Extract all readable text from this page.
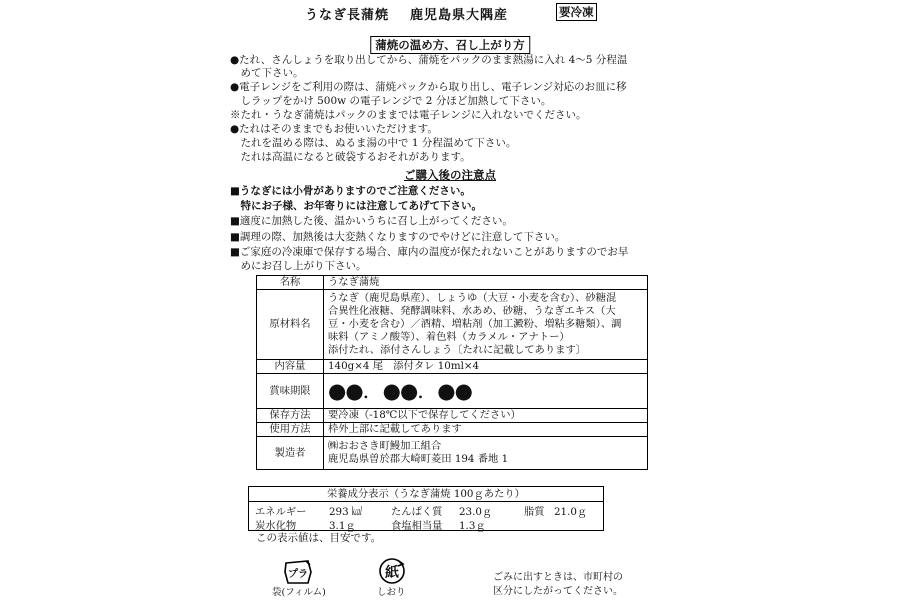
うなぎ長蒲焼 鹿児島県大隅産	要冷凍
蒲焼の温め方、召し上がり方
●たれ、さんしょうを取り出してから、蒲焼をパックのまま熱湯に入れ 4～5 分程温
　めて下さい。
●電子レンジをご利用の際は、蒲焼パックから取り出し、電子レンジ対応のお皿に移
　しラップをかけ 500w の電子レンジで 2 分ほど加熱して下さい。
※たれ・うなぎ蒲焼はパックのままでは電子レンジに入れないでください。
●たれはそのままでもお使いいただけます。
　たれを温める際は、ぬるま湯の中で 1 分程温めて下さい。
　たれは高温になると破袋するおそれがあります。
ご購入後の注意点
■うなぎには小骨がありますのでご注意ください。
　特にお子様、お年寄りには注意してあげて下さい。
■適度に加熱した後、温かいうちに召し上がってください。
■調理の際、加熱後は大変熱くなりますのでやけどに注意して下さい。
■ご家庭の冷凍庫で保存する場合、庫内の温度が保たれないことがありますのでお早
　めにお召し上がり下さい。
名称	うなぎ蒲焼
原材料名	うなぎ（鹿児島県産）、しょうゆ（大豆・小麦を含む）、砂糖混
合異性化液糖、発酵調味料、水あめ、砂糖、うなぎエキス（大
豆・小麦を含む）／酒精、増粘剤（加工澱粉、増粘多糖類）、調
味料（アミノ酸等）、着色料（カラメル・アナトー）
添付たれ、添付さんしょう〔たれに記載してあります〕

内容量	140g×4 尾　添付タレ 10ml×4
賞味期限	●●．●●．●●
保存方法	要冷凍（-18℃以下で保存してください）
使用方法	枠外上部に記載してあります
製造者	㈱おおさき町鰻加工組合
鹿児島県曽於郡大崎町菱田 194 番地 1
栄養成分表示（うなぎ蒲焼 100ｇあたり）
エネルギー 293 ㎉	たんぱく質 23.0ｇ	脂質 21.0ｇ
炭水化物	3.1ｇ	食塩相当量 1.3ｇ
この表示値は、目安です。
プラ
袋(フィルム)
紙
しおり
ごみに出すときは、市町村の
区分にしたがってください。
